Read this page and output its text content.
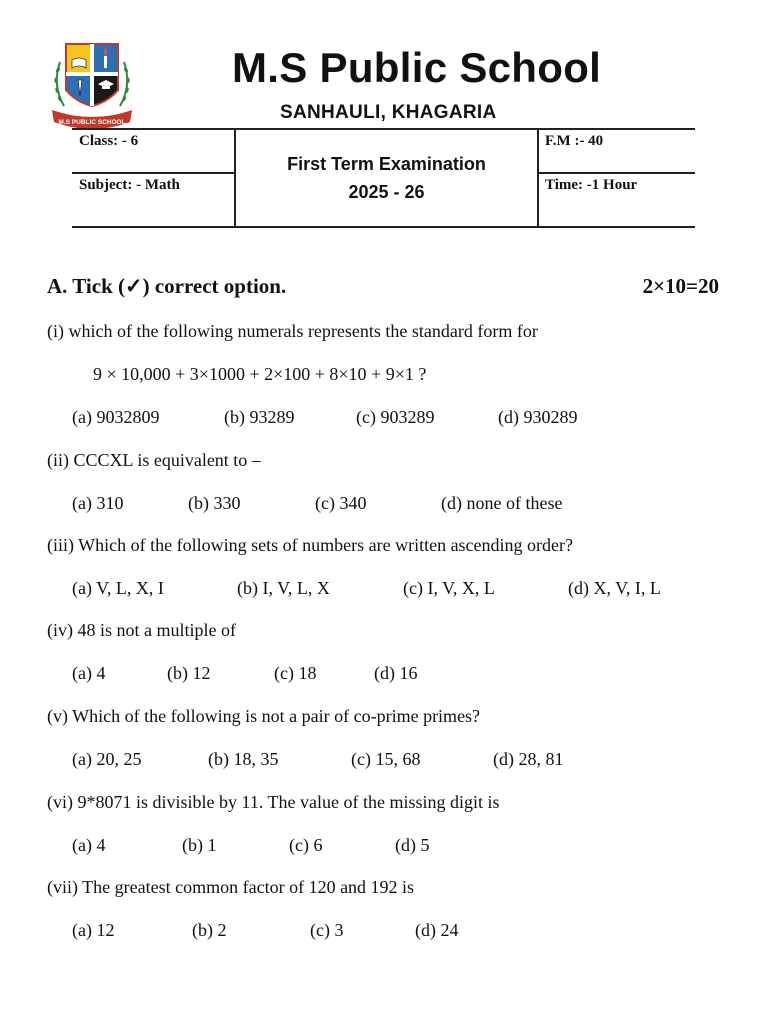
M.S PUBLIC SCHOOL
M.S Public School
SANHAULI, KHAGARIA
Class: - 6
Subject: - Math
F.M :- 40
Time: -1 Hour
First Term Examination
2025 - 26
A. Tick (✓) correct option.	2×10=20
(i) which of the following numerals represents the standard form for
9 × 10,000 + 3×1000 + 2×100 + 8×10 + 9×1 ?
(a) 9032809	(b) 93289	(c) 903289	(d) 930289
(ii) CCCXL is equivalent to –
(a) 310	(b) 330	(c) 340	(d) none of these
(iii) Which of the following sets of numbers are written ascending order?
(a) V, L, X, I	(b) I, V, L, X	(c) I, V, X, L	(d) X, V, I, L
(iv) 48 is not a multiple of
(a) 4	(b) 12	(c) 18	(d) 16
(v) Which of the following is not a pair of co-prime primes?
(a) 20, 25	(b) 18, 35	(c) 15, 68	(d) 28, 81
(vi) 9*8071 is divisible by 11. The value of the missing digit is
(a) 4	(b) 1	(c) 6	(d) 5
(vii) The greatest common factor of 120 and 192 is
(a) 12	(b) 2	(c) 3	(d) 24
